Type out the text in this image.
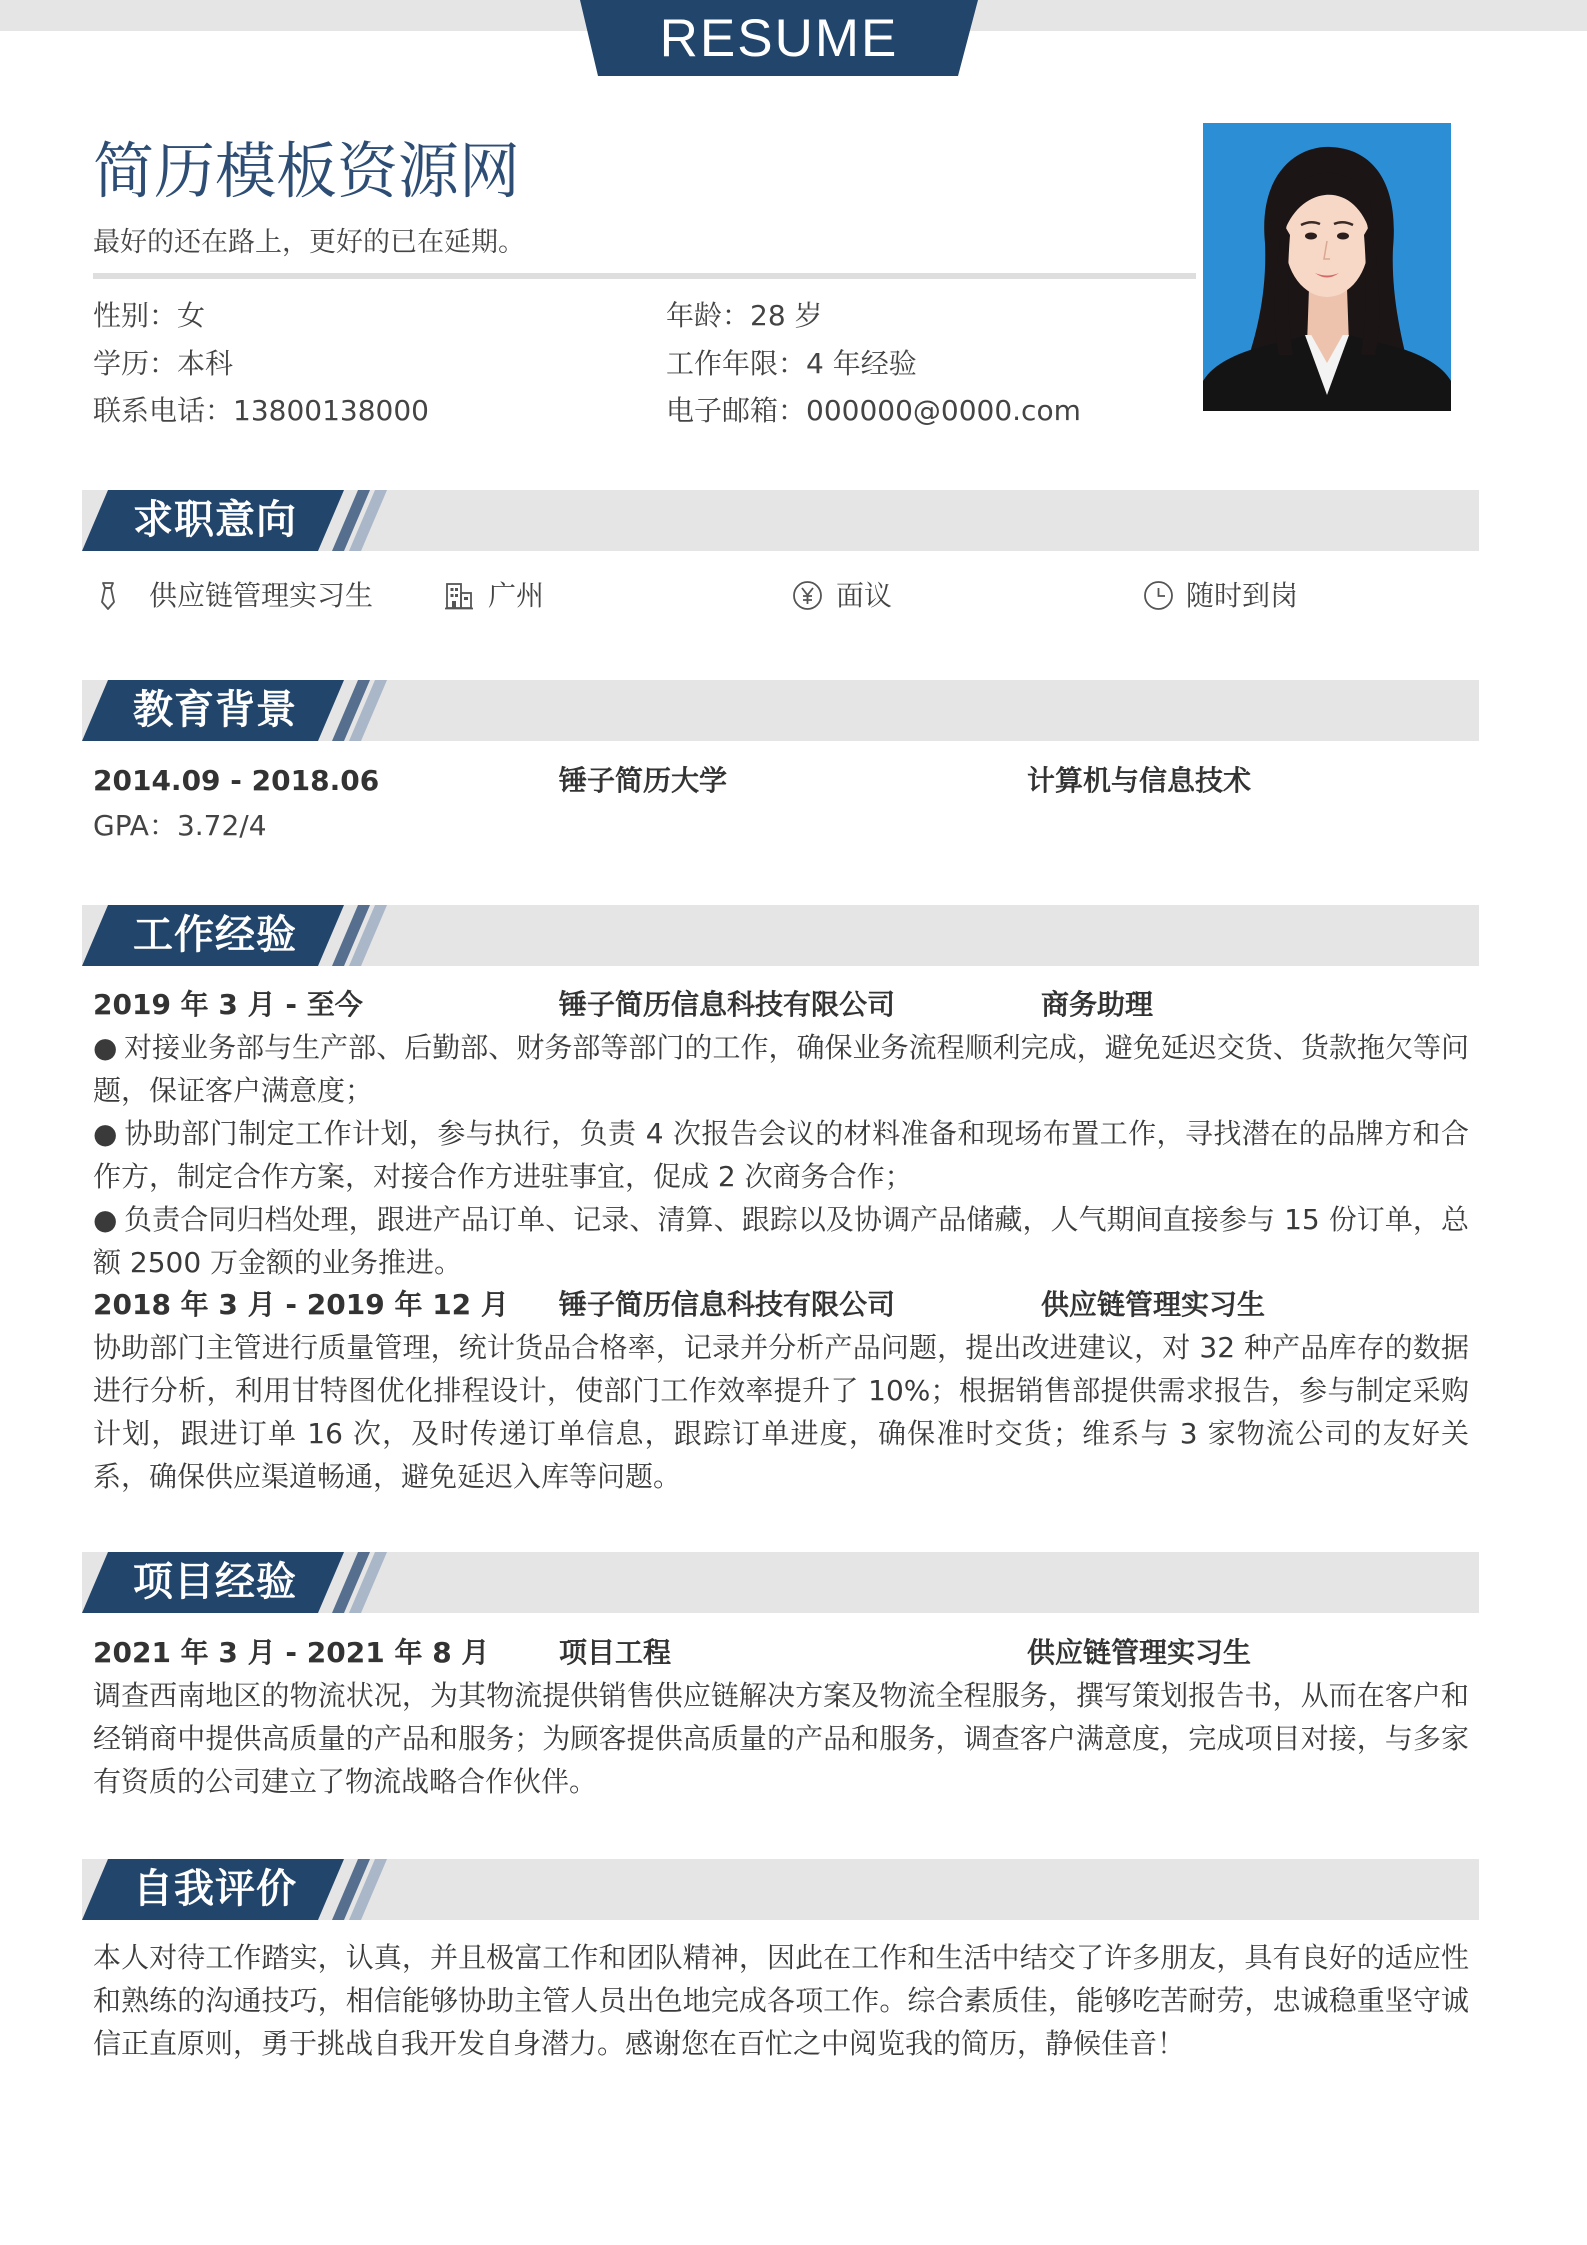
RESUME
简历模板资源网
最好的还在路上，更好的已在延期。
性别：女	年龄：28 岁
学历：本科	工作年限：4 年经验
联系电话：13800138000	电子邮箱：000000@0000.com
求职意向
供应链管理实习生	广州	面议	随时到岗
教育背景
2014.09 - 2018.06	锤子简历大学	计算机与信息技术
GPA：3.72/4
工作经验
2019 年 3 月 - 至今	锤子简历信息科技有限公司	商务助理

● 对接业务部与生产部、后勤部、财务部等部门的工作，确保业务流程顺利完成，避免延迟交货、货款拖欠等问题，保证客户满意度；

● 协助部门制定工作计划，参与执行，负责 4 次报告会议的材料准备和现场布置工作，寻找潜在的品牌方和合作方，制定合作方案，对接合作方进驻事宜，促成 2 次商务合作；

● 负责合同归档处理，跟进产品订单、记录、清算、跟踪以及协调产品储藏，人气期间直接参与 15 份订单，总额 2500 万金额的业务推进。

2018 年 3 月 - 2019 年 12 月 锤子简历信息科技有限公司	供应链管理实习生
协助部门主管进行质量管理，统计货品合格率，记录并分析产品问题，提出改进建议，对 32 种产品库存的数据进行分析，利用甘特图优化排程设计，使部门工作效率提升了 10%；根据销售部提供需求报告，参与制定采购计划，跟进订单 16 次，及时传递订单信息，跟踪订单进度，确保准时交货；维系与 3 家物流公司的友好关系，确保供应渠道畅通，避免延迟入库等问题。
项目经验
2021 年 3 月 - 2021 年 8 月 项目工程	供应链管理实习生
调查西南地区的物流状况，为其物流提供销售供应链解决方案及物流全程服务，撰写策划报告书，从而在客户和经销商中提供高质量的产品和服务；为顾客提供高质量的产品和服务，调查客户满意度，完成项目对接，与多家有资质的公司建立了物流战略合作伙伴。
自我评价
本人对待工作踏实，认真，并且极富工作和团队精神，因此在工作和生活中结交了许多朋友，具有良好的适应性和熟练的沟通技巧，相信能够协助主管人员出色地完成各项工作。综合素质佳，能够吃苦耐劳，忠诚稳重坚守诚信正直原则，勇于挑战自我开发自身潜力。感谢您在百忙之中阅览我的简历，静候佳音！
